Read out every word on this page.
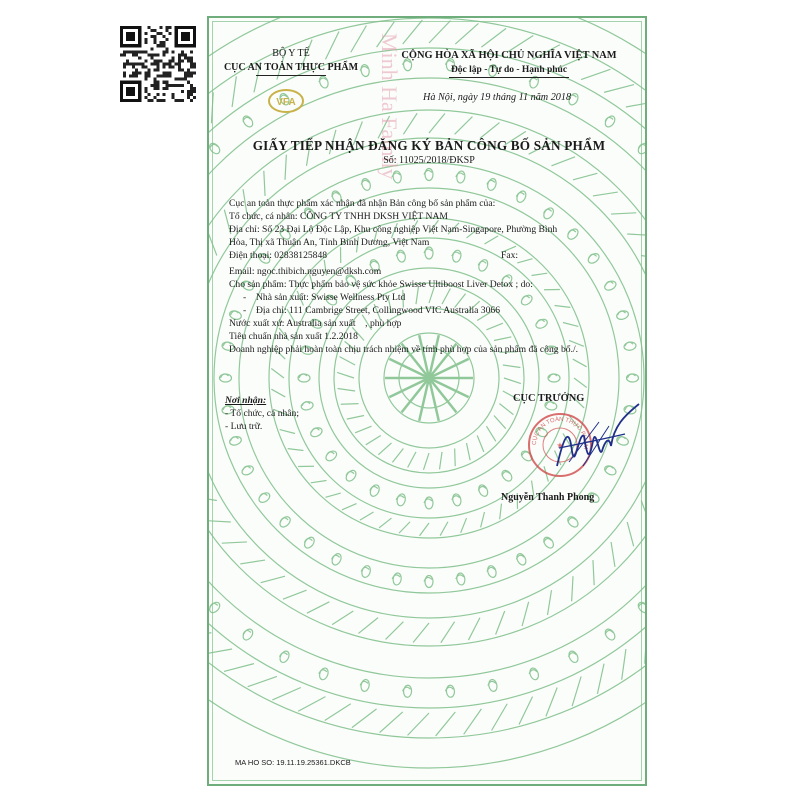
Minh Ha Family
BỘ Y TẾ
CỤC AN TOÀN THỰC PHẨM
VFA
CỘNG HÒA XÃ HỘI CHỦ NGHĨA VIỆT NAM
Độc lập - Tự do - Hạnh phúc
Hà Nội, ngày 19 tháng 11 năm 2018
GIẤY TIẾP NHẬN ĐĂNG KÝ BẢN CÔNG BỐ SẢN PHẨM
Số: 11025/2018/ĐKSP
Cục an toàn thực phẩm xác nhận đã nhận Bản công bố sản phẩm của:
Tổ chức, cá nhân: CÔNG TY TNHH DKSH VIỆT NAM
Địa chỉ: Số 23 Đại Lộ Độc Lập, Khu công nghiệp Việt Nam-Singapore, Phường Bình
Hòa, Thị xã Thuận An, Tỉnh Bình Dương, Việt Nam
Điện thoại: 02838125848	Fax:
Email: ngoc.thibich.nguyen@dksh.com
Cho sản phẩm: Thực phẩm bảo vệ sức khỏe Swisse Ultiboost Liver Detox ; do:
- Nhà sản xuất: Swisse Wellness Pty Ltd
- Địa chỉ: 111 Cambrige Street, Collingwood VIC Australia 3066
Nước xuất xứ: Australia sản xuất    , phù hợp
Tiêu chuẩn nhà sản xuất 1.2.2018
Doanh nghiệp phải hoàn toàn chịu trách nhiệm về tính phù hợp của sản phẩm đã công bố./.
Nơi nhận:
- Tổ chức, cá nhân;
- Lưu trữ.
CỤC TRƯỞNG
CỤC AN TOÀN THỰC PHẨM
★
Nguyễn Thanh Phong
MA HO SO: 19.11.19.25361.DKCB
